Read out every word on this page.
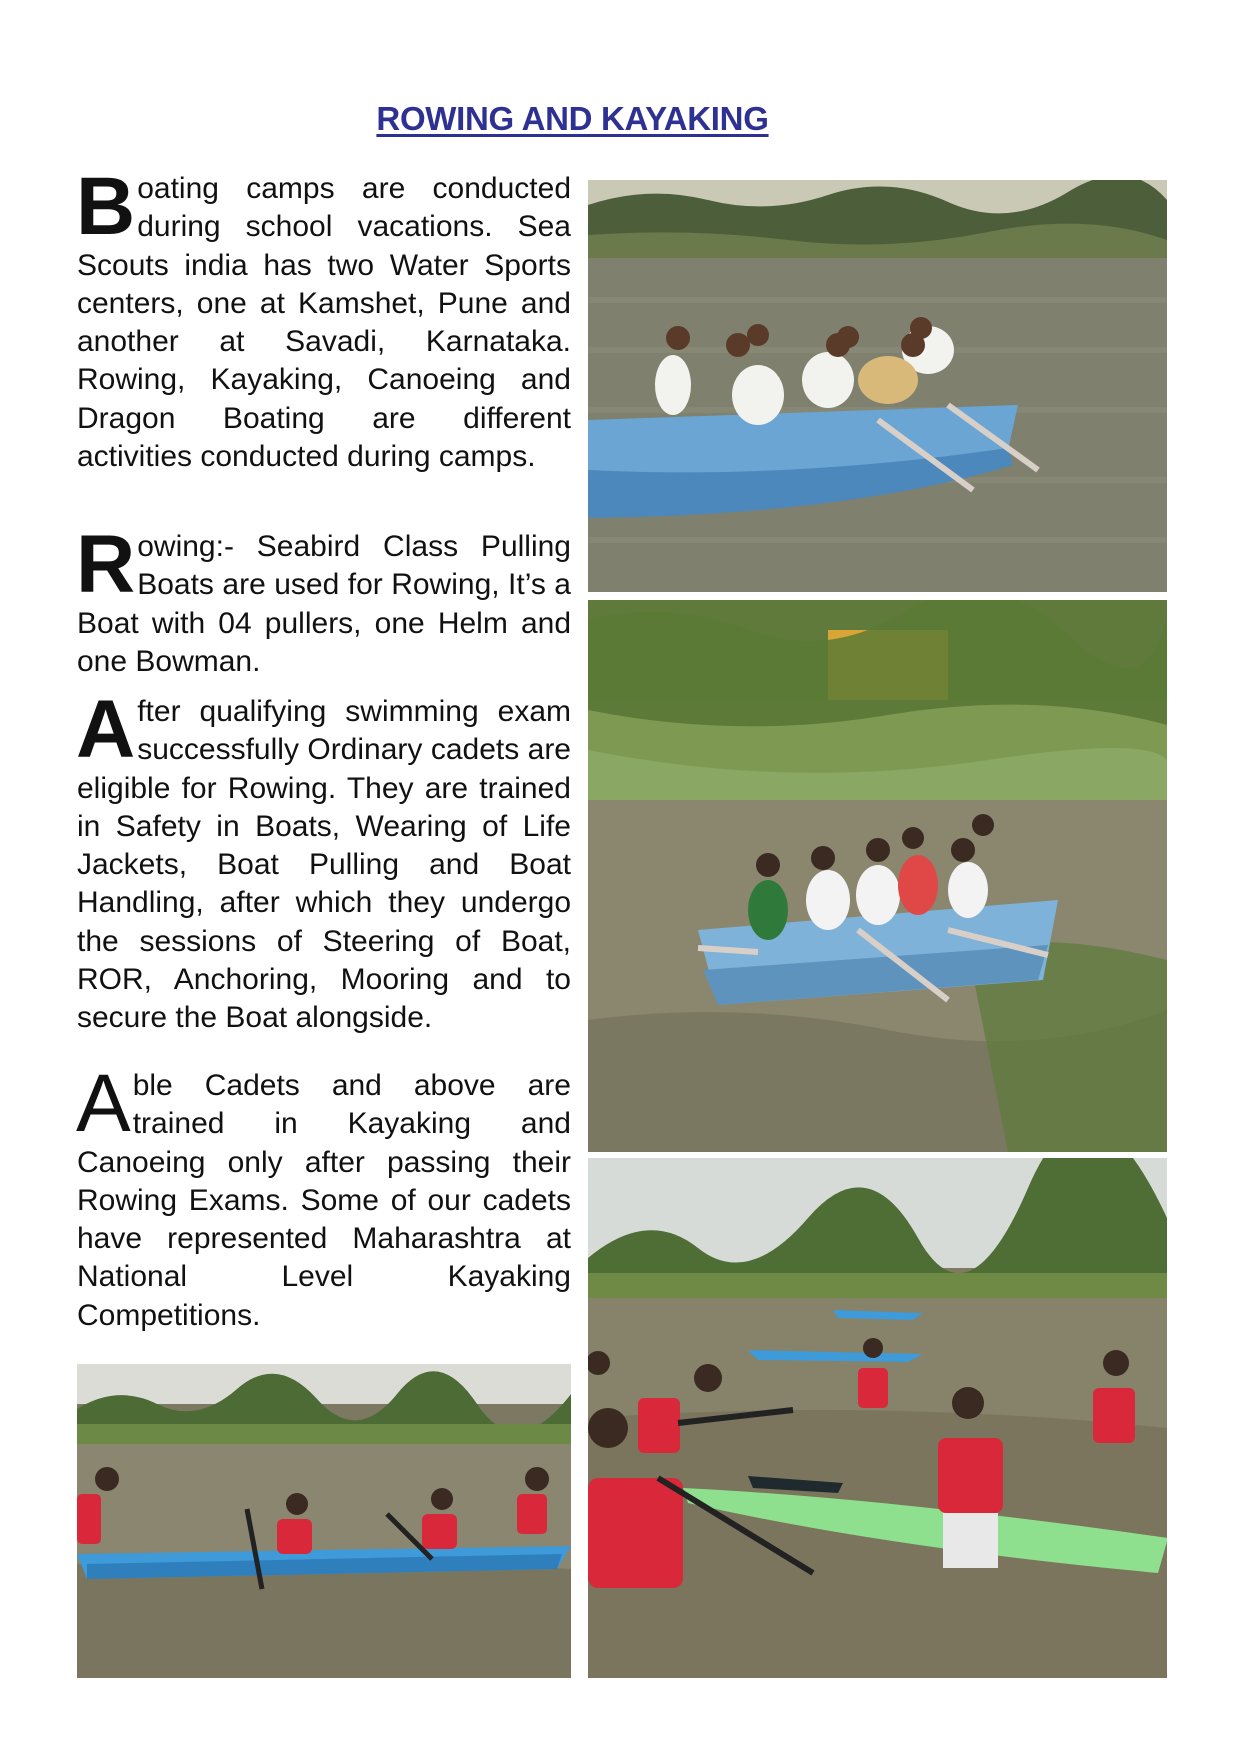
ROWING AND KAYAKING
B oating camps are conducted during school vacations. Sea Scouts india has two Water Sports centers, one at Kamshet, Pune and another at Savadi, Karnataka. Rowing, Kayaking, Canoeing and Dragon Boating are different activities conducted during camps.
R owing:- Seabird Class Pulling Boats are used for Rowing, It’s a Boat with 04 pullers, one Helm and one Bowman.
A fter qualifying swimming exam successfully Ordinary cadets are eligible for Rowing. They are trained in Safety in Boats, Wearing of Life Jackets, Boat Pulling and Boat Handling, after which they undergo the sessions of Steering of Boat, ROR, Anchoring, Mooring and to secure the Boat alongside.
A ble Cadets and above are trained in Kayaking and Canoeing only after passing their Rowing Exams. Some of our cadets have represented Maharashtra at National Level Kayaking Competitions.
